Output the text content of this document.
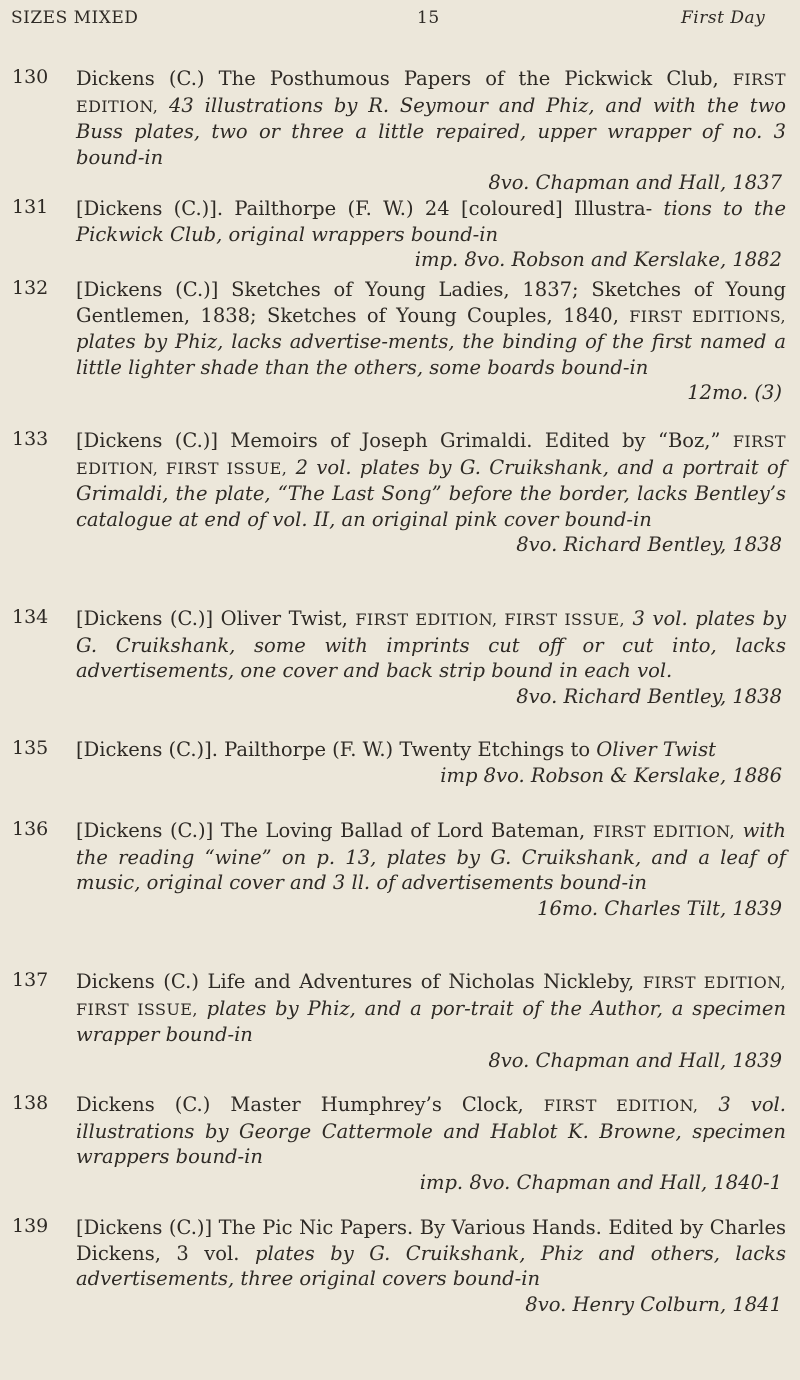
SIZES MIXED	15	First Day
130	Dickens (C.) The Posthumous Papers of the Pickwick Club, FIRST EDITION, 43 illustrations by R. Seymour and Phiz, and with the two Buss plates, two or three a little repaired, upper wrapper of no. 3 bound-in
8vo. Chapman and Hall, 1837
131	[Dickens (C.)]. Pailthorpe (F. W.) 24 [coloured] Illustra- tions to the Pickwick Club, original wrappers bound-in
imp. 8vo. Robson and Kerslake, 1882
132	[Dickens (C.)] Sketches of Young Ladies, 1837; Sketches of Young Gentlemen, 1838; Sketches of Young Couples, 1840, FIRST EDITIONS, plates by Phiz, lacks advertise-ments, the binding of the first named a little lighter shade than the others, some boards bound-in
12mo. (3)
133	[Dickens (C.)] Memoirs of Joseph Grimaldi. Edited by “Boz,” FIRST EDITION, FIRST ISSUE, 2 vol. plates by G. Cruikshank, and a portrait of Grimaldi, the plate, “The Last Song” before the border, lacks Bentley’s catalogue at end of vol. II, an original pink cover bound-in
8vo. Richard Bentley, 1838
134	[Dickens (C.)] Oliver Twist, FIRST EDITION, FIRST ISSUE, 3 vol. plates by G. Cruikshank, some with imprints cut off or cut into, lacks advertisements, one cover and back strip bound in each vol.
8vo. Richard Bentley, 1838
135	[Dickens (C.)]. Pailthorpe (F. W.) Twenty Etchings to Oliver Twist
imp 8vo. Robson & Kerslake, 1886
136	[Dickens (C.)] The Loving Ballad of Lord Bateman, FIRST EDITION, with the reading “wine” on p. 13, plates by G. Cruikshank, and a leaf of music, original cover and 3 ll. of advertisements bound-in
16mo. Charles Tilt, 1839
137	Dickens (C.) Life and Adventures of Nicholas Nickleby, FIRST EDITION, FIRST ISSUE, plates by Phiz, and a por-trait of the Author, a specimen wrapper bound-in
8vo. Chapman and Hall, 1839
138	Dickens (C.) Master Humphrey’s Clock, FIRST EDITION, 3 vol. illustrations by George Cattermole and Hablot K. Browne, specimen wrappers bound-in
imp. 8vo. Chapman and Hall, 1840-1
139	[Dickens (C.)] The Pic Nic Papers. By Various Hands. Edited by Charles Dickens, 3 vol. plates by G. Cruikshank, Phiz and others, lacks advertisements, three original covers bound-in
8vo. Henry Colburn, 1841
